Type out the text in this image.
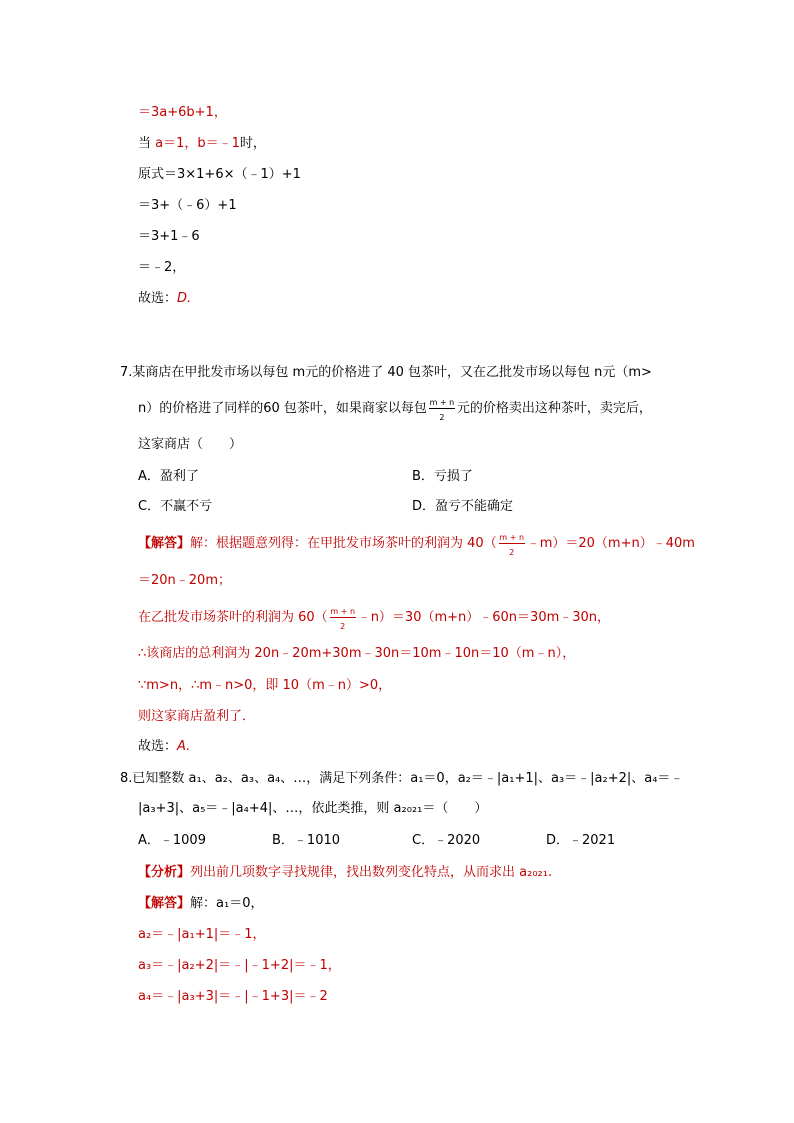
＝3a+6b+1，
当 a＝1，b＝﹣1时，
原式＝3×1+6×（﹣1）+1
＝3+（﹣6）+1
＝3+1﹣6
＝﹣2，
故选：D.
7.某商店在甲批发市场以每包 m元的价格进了 40 包茶叶，又在乙批发市场以每包 n元（m>
n）的价格进了同样的60 包茶叶，如果商家以每包 $\frac{m + n}{2}$ 元的价格卖出这种茶叶，卖完后，
这家商店（　　）
A．盈利了	B．亏损了
C．不赢不亏	D．盈亏不能确定
【解答】解：根据题意列得：在甲批发市场茶叶的利润为 $40( \frac{m + n}{2}$ ﹣m）＝20（m+n）﹣40m
＝20n﹣20m；
在乙批发市场茶叶的利润为 $60( \frac{m + n}{2}$ ﹣n）＝30（m+n）﹣60n＝30m﹣30n，
∴该商店的总利润为 20n﹣20m+30m﹣30n＝10m﹣10n＝10（m﹣n），
∵m>n，∴m﹣n>0，即 10（m﹣n）>0，
则这家商店盈利了．
故选：A.
8.已知整数 a₁、a₂、a₃、a₄、…，满足下列条件：a₁＝0，a₂＝﹣|a₁+1|、a₃＝﹣|a₂+2|、a₄＝﹣
|a₃+3|、a₅＝﹣|a₄+4|、…，依此类推，则 a₂₀₂₁＝（　　）
A．﹣1009	B．﹣1010	C．﹣2020	D．﹣2021
【分析】列出前几项数字寻找规律，找出数列变化特点，从而求出 a₂₀₂₁.
【解答】解：a₁＝0，
a₂＝﹣|a₁+1|＝﹣1，
a₃＝﹣|a₂+2|＝﹣|﹣1+2|＝﹣1，
a₄＝﹣|a₃+3|＝﹣|﹣1+3|＝﹣2
